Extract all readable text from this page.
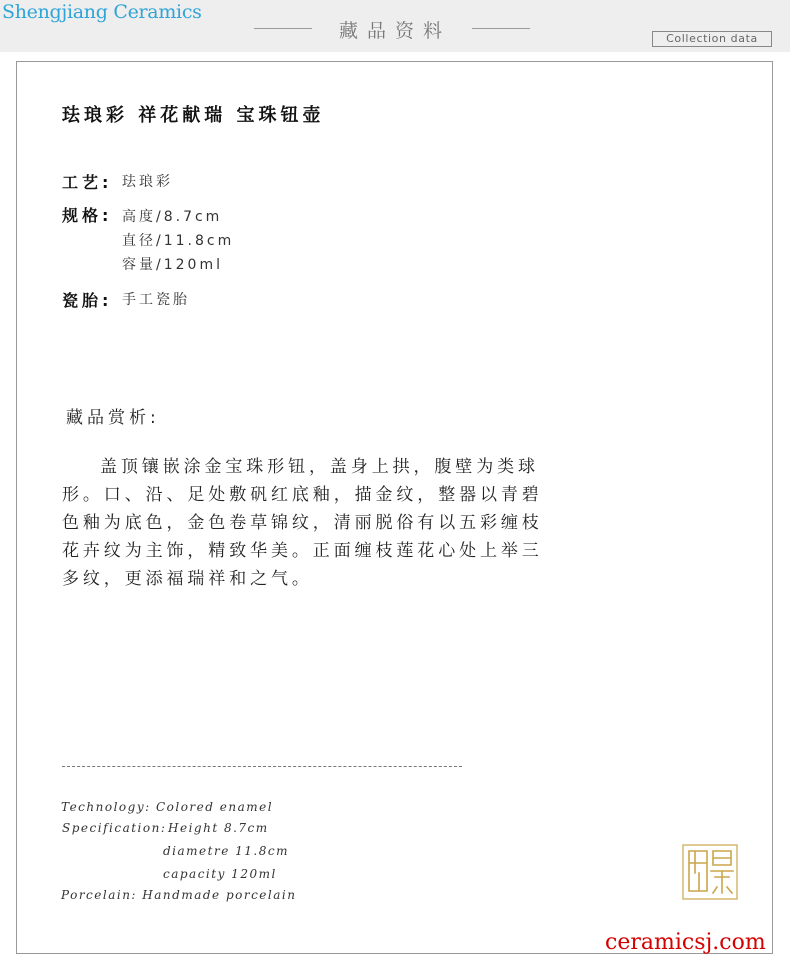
Shengjiang Ceramics
藏品资料	Collection data
珐琅彩 祥花献瑞 宝珠钮壶
工艺: 珐琅彩
规格: 高度/8.7cm
直径/11.8cm
容量/120ml
瓷胎: 手工瓷胎
藏品赏析:

盖顶镶嵌涂金宝珠形钮，盖身上拱，腹壁为类球形。口、沿、足处敷矾红底釉，描金纹，整器以青碧色釉为底色，金色卷草锦纹，清丽脱俗有以五彩缠枝花卉纹为主饰，精致华美。正面缠枝莲花心处上举三多纹，更添福瑞祥和之气。

Technology: Colored enamel
Specification: Height 8.7cm
diametre 11.8cm
capacity 120ml
Porcelain: Handmade porcelain
ceramicsj.com
